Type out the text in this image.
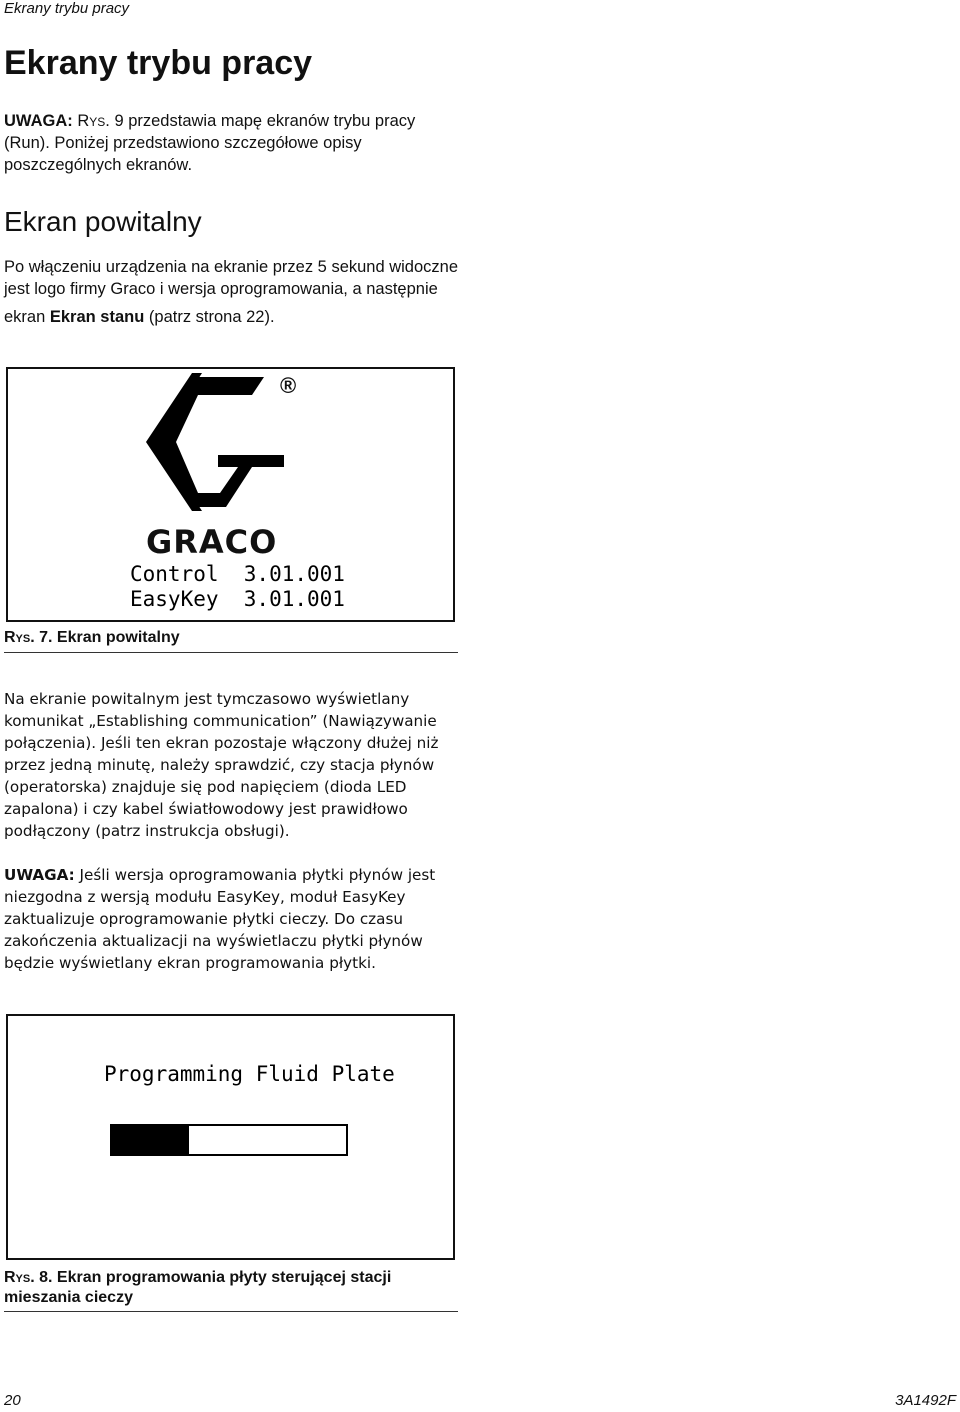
Ekrany trybu pracy
Ekrany trybu pracy
UWAGA: Rys. 9 przedstawia mapę ekranów trybu pracy (Run). Poniżej przedstawiono szczegółowe opisy poszczególnych ekranów.
Ekran powitalny
Po włączeniu urządzenia na ekranie przez 5 sekund widoczne jest logo firmy Graco i wersja oprogramowania, a następnie
ekran Ekran stanu (patrz strona 22).
®
GRACO
Control  3.01.001
EasyKey  3.01.001
Rys. 7. Ekran powitalny
Na ekranie powitalnym jest tymczasowo wyświetlany komunikat „Establishing communication” (Nawiązywanie połączenia). Jeśli ten ekran pozostaje włączony dłużej niż przez jedną minutę, należy sprawdzić, czy stacja płynów (operatorska) znajduje się pod napięciem (dioda LED zapalona) i czy kabel światłowodowy jest prawidłowo podłączony (patrz instrukcja obsługi).
UWAGA: Jeśli wersja oprogramowania płytki płynów jest niezgodna z wersją modułu EasyKey, moduł EasyKey zaktualizuje oprogramowanie płytki cieczy. Do czasu zakończenia aktualizacji na wyświetlaczu płytki płynów będzie wyświetlany ekran programowania płytki.
Programming Fluid Plate
Rys. 8. Ekran programowania płyty sterującej stacji mieszania cieczy
20	3A1492F
